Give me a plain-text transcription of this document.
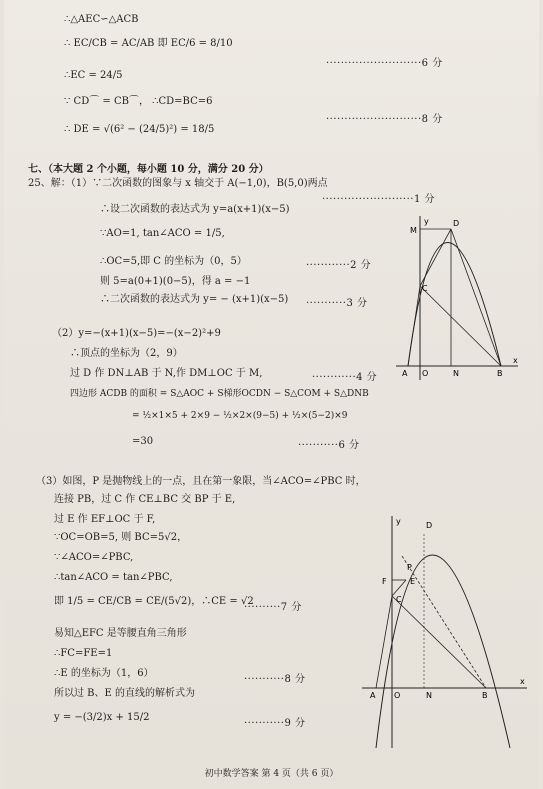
∴△AEC∽△ACB
∴ EC/CB = AC/AB 即 EC/6 = 8/10
∴EC = 24/5
∵ CD⌒ = CB⌒， ∴CD=BC=6
∴ DE = √(6² − (24/5)²) = 18/5
··························6 分
··························8 分
七、（本大题 2 个小题，每小题 10 分，满分 20 分）
25、解：（1）∵二次函数的图象与 x 轴交于 A(−1,0)，B(5,0)两点
·························1 分
∴设二次函数的表达式为 y=a(x+1)(x−5)
∵AO=1, tan∠ACO = 1/5,
∴OC=5,即 C 的坐标为（0，5）	············2 分
则 5=a(0+1)(0−5)，得 a = −1
∴二次函数的表达式为 y= − (x+1)(x−5) ···········3 分
（2）y=−(x+1)(x−5)=−(x−2)²+9
∴顶点的坐标为（2，9）
过 D 作 DN⊥AB 于 N,作 DM⊥OC 于 M,	············4 分
四边形 ACDB 的面积 = S△AOC + S梯形OCDN − S△COM + S△DNB
= ½×1×5 + 2×9 − ½×2×(9−5) + ½×(5−2)×9
=30	···········6 分
y	D
M
C
A O	N	B
x
（3）如图，P 是抛物线上的一点，且在第一象限，当∠ACO=∠PBC 时，
连接 PB，过 C 作 CE⊥BC 交 BP 于 E,
过 E 作 EF⊥OC 于 F,
∵OC=OB=5, 则 BC=5√2，
∵∠ACO=∠PBC,
∴tan∠ACO = tan∠PBC,
即 1/5 = CE/CB = CE/(5√2)，∴CE = √2
··········7 分
易知△EFC 是等腰直角三角形
∴FC=FE=1
∴E 的坐标为（1，6）
···········8 分
所以过 B、E 的直线的解析式为
y = −(3/2)x + 15/2
···········9 分
y	D
P
F	E
C
A O	N	B
x
初中数学答案 第 4 页（共 6 页）
